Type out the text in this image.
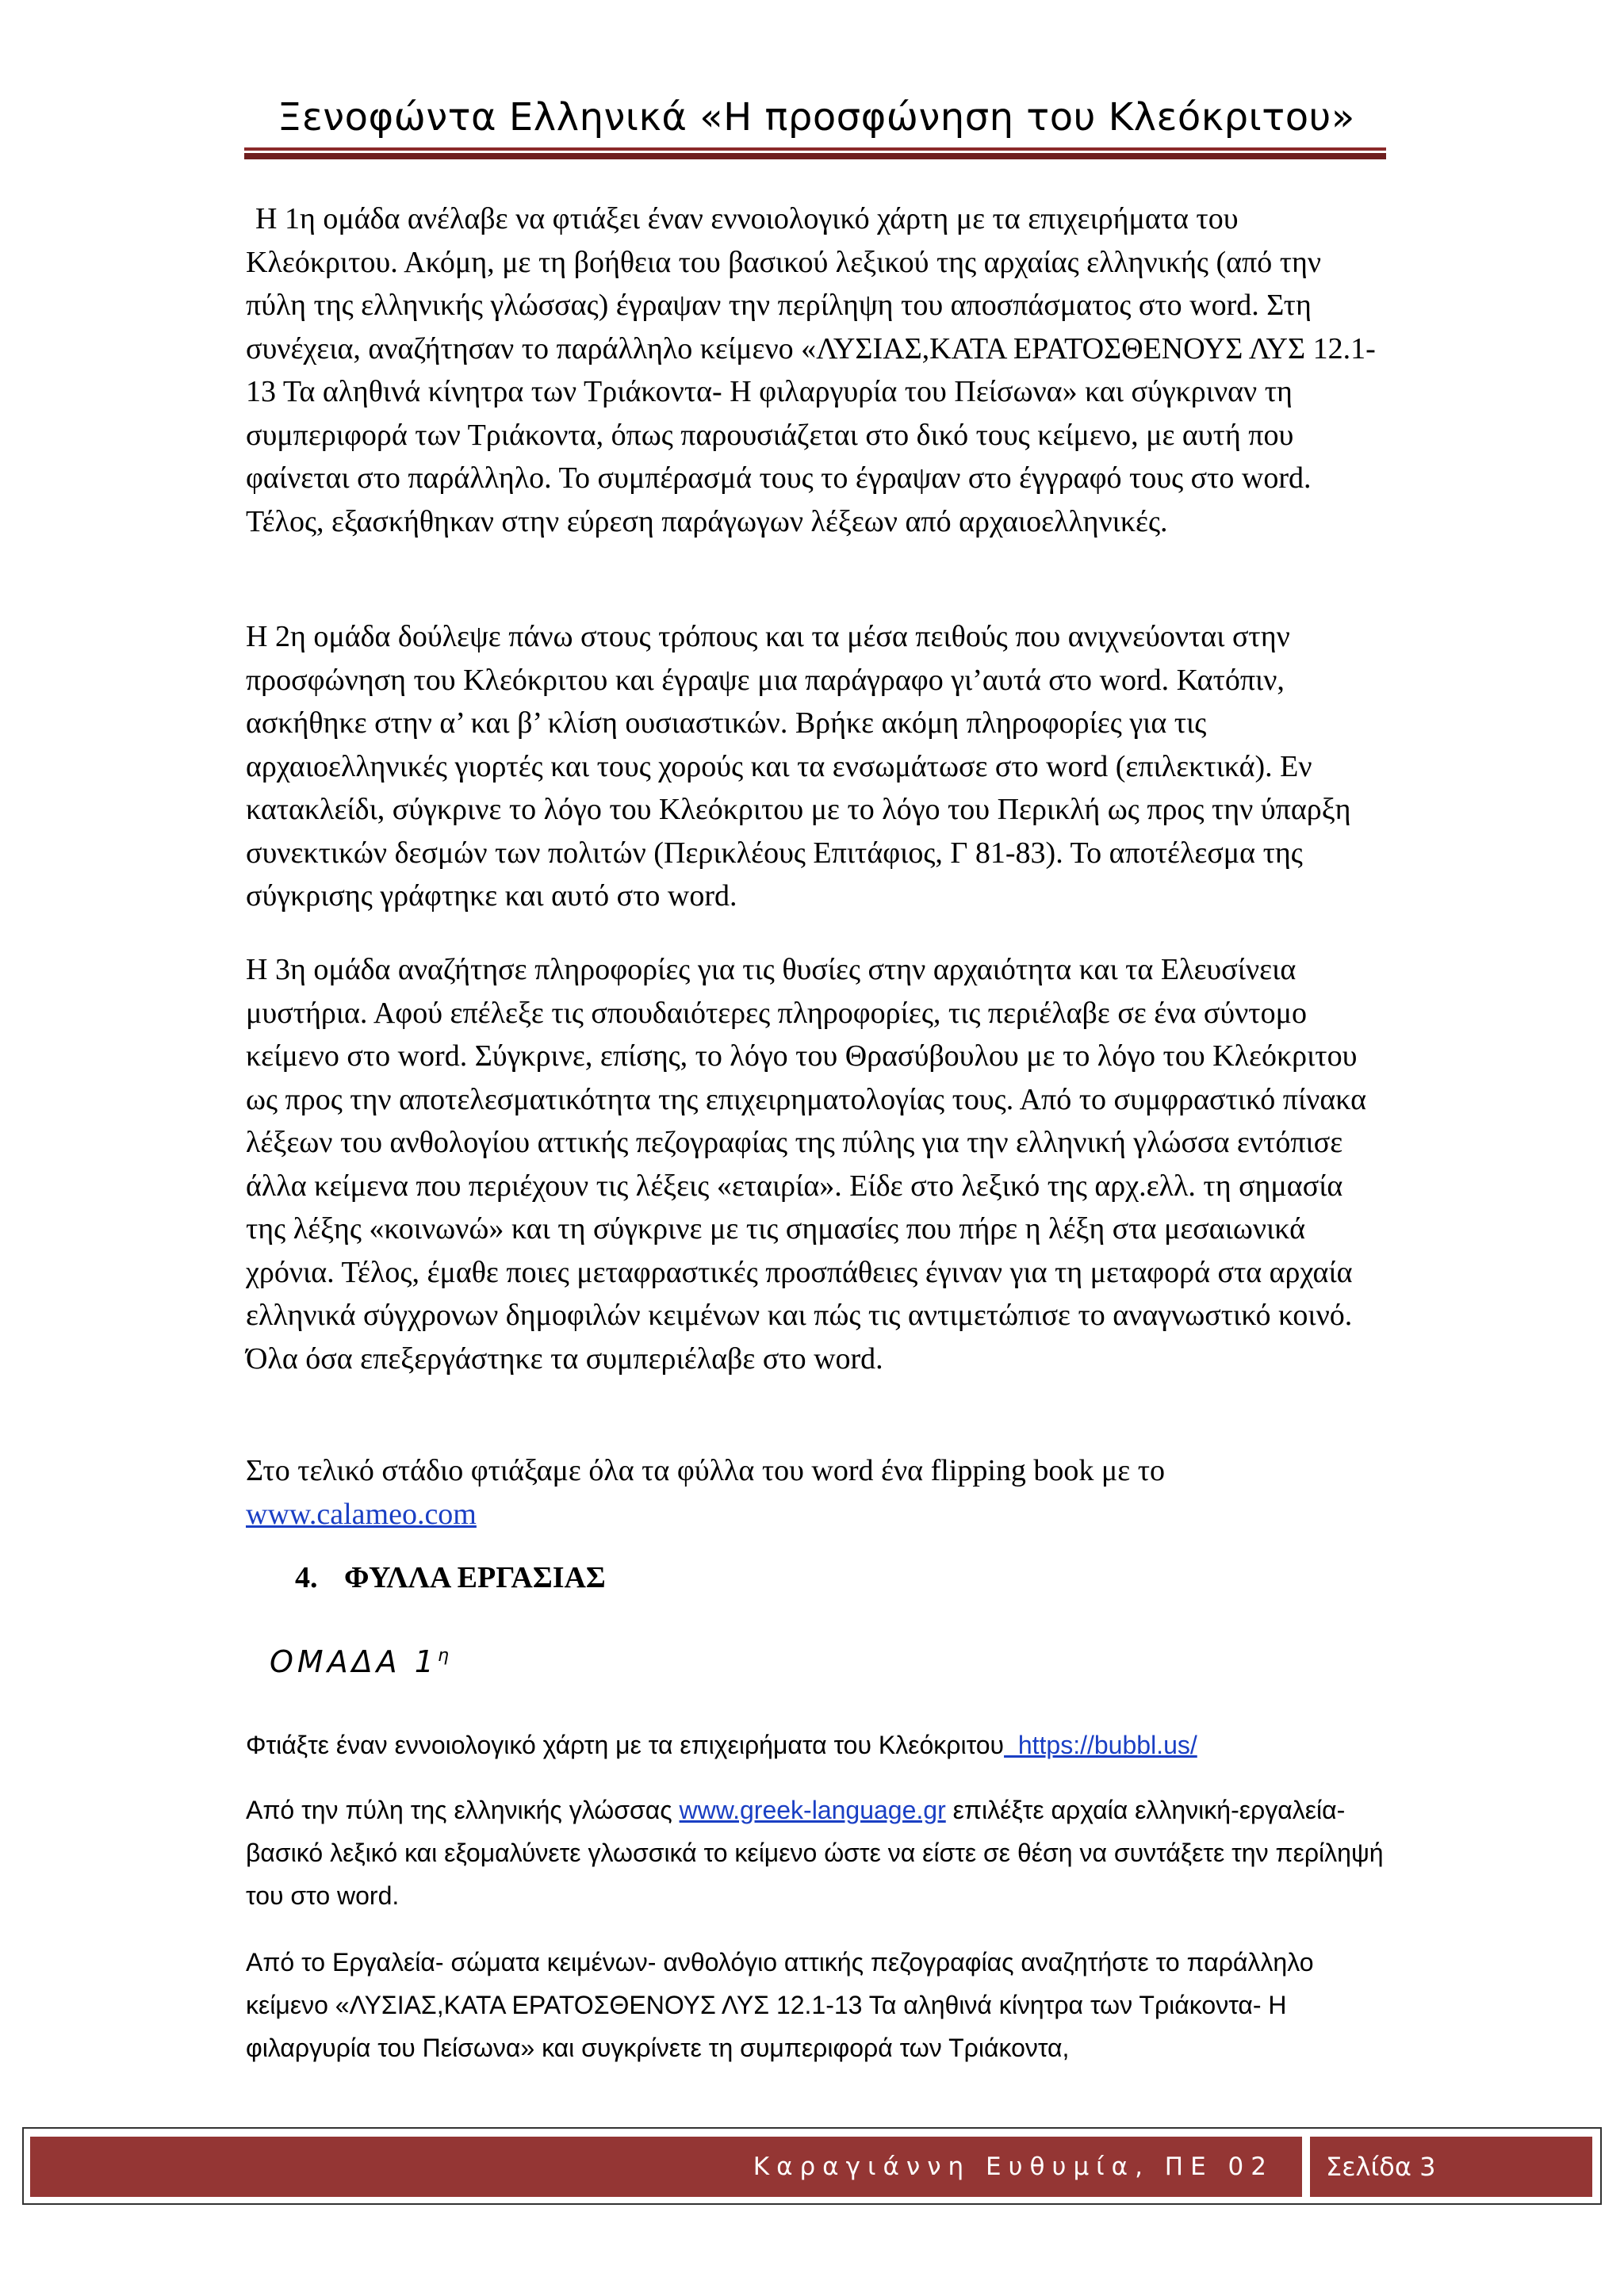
Ξενοφώντα Ελληνικά «Η προσφώνηση του Κλεόκριτου»

Η 1η ομάδα ανέλαβε να φτιάξει έναν εννοιολογικό χάρτη με τα επιχειρήματα του Κλεόκριτου. Ακόμη, με τη βοήθεια του βασικού λεξικού της αρχαίας ελληνικής (από την πύλη της ελληνικής γλώσσας) έγραψαν την περίληψη του αποσπάσματος στο word. Στη συνέχεια, αναζήτησαν το παράλληλο κείμενο «ΛΥΣΙΑΣ,ΚΑΤΑ ΕΡΑΤΟΣΘΕΝΟΥΣ ΛΥΣ 12.1-13 Τα αληθινά κίνητρα των Τριάκοντα- Η φιλαργυρία του Πείσωνα» και σύγκριναν τη συμπεριφορά των Τριάκοντα, όπως παρουσιάζεται στο δικό τους κείμενο, με αυτή που φαίνεται στο παράλληλο. Το συμπέρασμά τους το έγραψαν στο έγγραφό τους στο word. Τέλος, εξασκήθηκαν στην εύρεση παράγωγων λέξεων από αρχαιοελληνικές.

Η 2η ομάδα δούλεψε πάνω στους τρόπους και τα μέσα πειθούς που ανιχνεύονται στην προσφώνηση του Κλεόκριτου και έγραψε μια παράγραφο γι’αυτά στο word. Κατόπιν, ασκήθηκε στην α’ και β’ κλίση ουσιαστικών. Βρήκε ακόμη πληροφορίες για τις αρχαιοελληνικές γιορτές και τους χορούς και τα ενσωμάτωσε στο word (επιλεκτικά). Εν κατακλείδι, σύγκρινε το λόγο του Κλεόκριτου με το λόγο του Περικλή ως προς την ύπαρξη συνεκτικών δεσμών των πολιτών (Περικλέους Επιτάφιος, Γ 81-83). Το αποτέλεσμα της σύγκρισης γράφτηκε και αυτό στο word.

Η 3η ομάδα αναζήτησε πληροφορίες για τις θυσίες στην αρχαιότητα και τα Ελευσίνεια μυστήρια. Αφού επέλεξε τις σπουδαιότερες πληροφορίες, τις περιέλαβε σε ένα σύντομο κείμενο στο word. Σύγκρινε, επίσης, το λόγο του Θρασύβουλου με το λόγο του Κλεόκριτου ως προς την αποτελεσματικότητα της επιχειρηματολογίας τους. Από το συμφραστικό πίνακα λέξεων του ανθολογίου αττικής πεζογραφίας της πύλης για την ελληνική γλώσσα εντόπισε άλλα κείμενα που περιέχουν τις λέξεις «εταιρία». Είδε στο λεξικό της αρχ.ελλ. τη σημασία της λέξης «κοινωνώ» και τη σύγκρινε με τις σημασίες που πήρε η λέξη στα μεσαιωνικά χρόνια. Τέλος, έμαθε ποιες μεταφραστικές προσπάθειες έγιναν για τη μεταφορά στα αρχαία ελληνικά σύγχρονων δημοφιλών κειμένων και πώς τις αντιμετώπισε το αναγνωστικό κοινό. Όλα όσα επεξεργάστηκε τα συμπεριέλαβε στο word.

Στο τελικό στάδιο φτιάξαμε όλα τα φύλλα του word ένα flipping book με το www.calameo.com

4. ΦΥΛΛΑ ΕΡΓΑΣΙΑΣ
ΟΜΑΔΑ $1^\eta$

Φτιάξτε έναν εννοιολογικό χάρτη με τα επιχειρήματα του Κλεόκριτου  https://bubbl.us/

Από την πύλη της ελληνικής γλώσσας www.greek-language.gr επιλέξτε αρχαία ελληνική-εργαλεία-βασικό λεξικό και εξομαλύνετε γλωσσικά το κείμενο ώστε να είστε σε θέση να συντάξετε την περίληψή του στο word.

Από το Εργαλεία- σώματα κειμένων- ανθολόγιο αττικής πεζογραφίας αναζητήστε το παράλληλο κείμενο «ΛΥΣΙΑΣ,ΚΑΤΑ ΕΡΑΤΟΣΘΕΝΟΥΣ ΛΥΣ 12.1-13 Τα αληθινά κίνητρα των Τριάκοντα- Η φιλαργυρία του Πείσωνα» και συγκρίνετε τη συμπεριφορά των Τριάκοντα,

Καραγιάννη Ευθυμία, ΠΕ 02	Σελίδα 3
